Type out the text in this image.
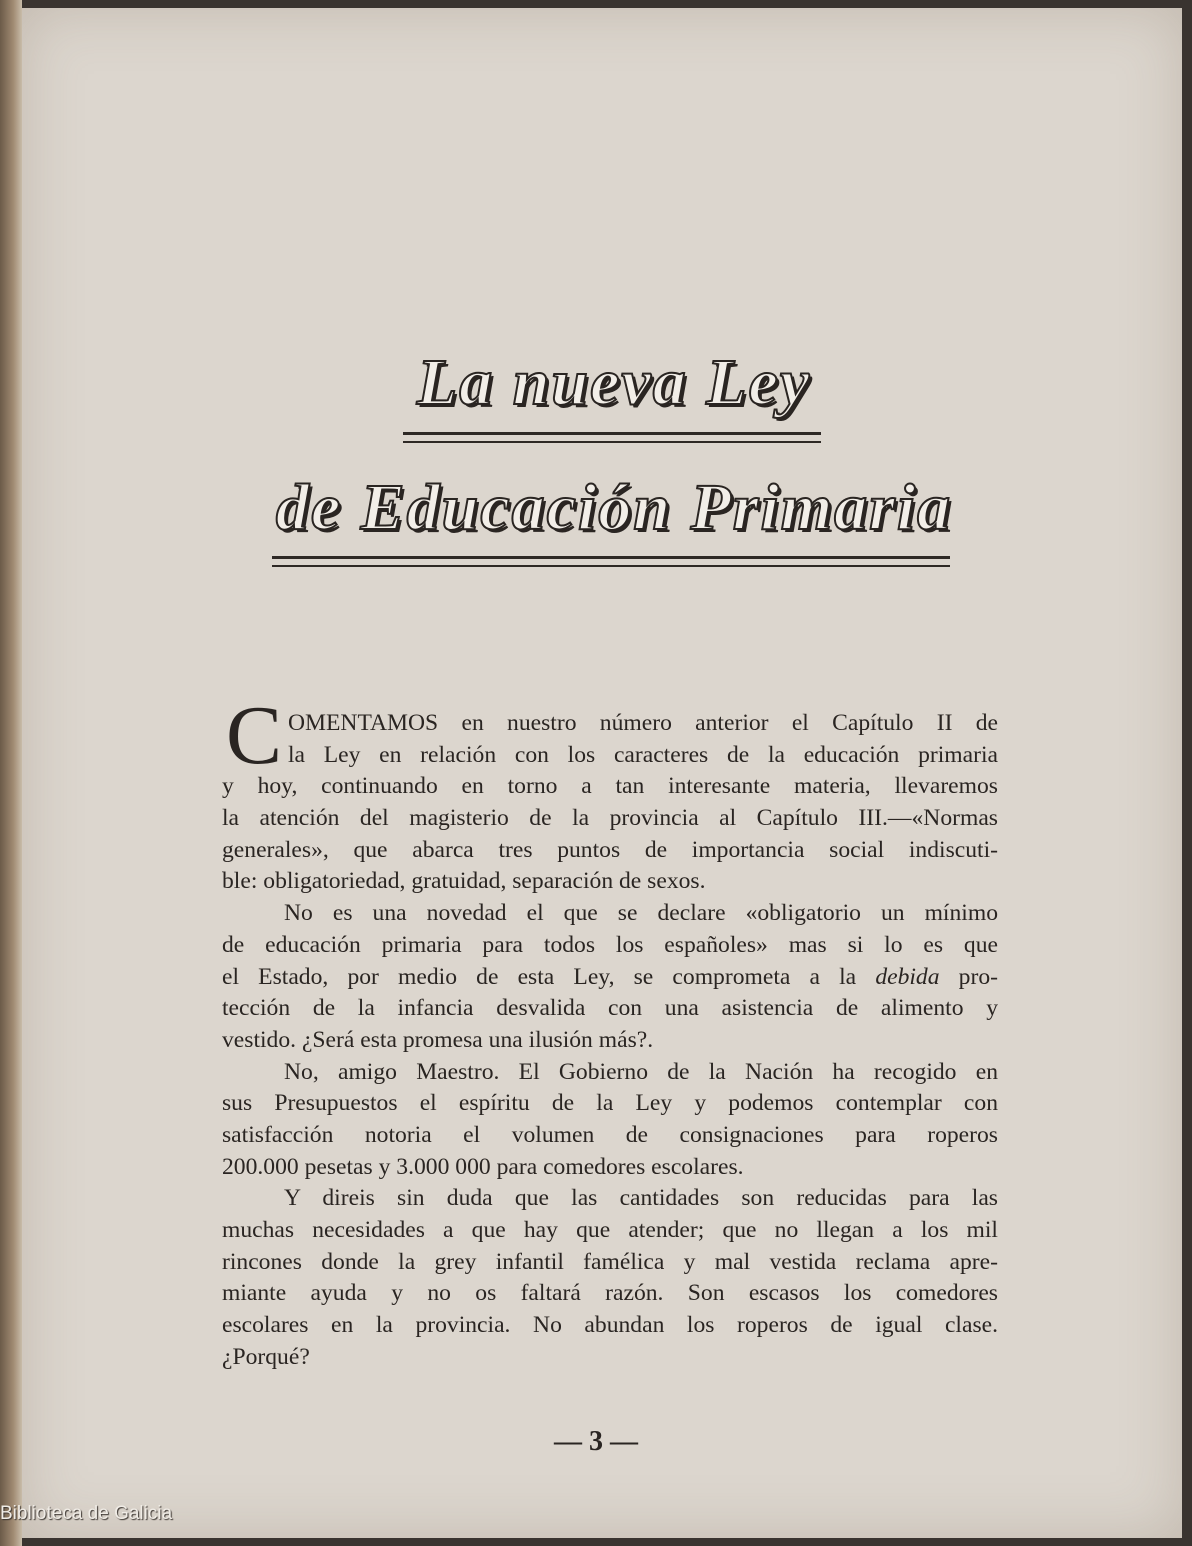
La nueva Ley
de Educación Primaria
C OMENTAMOS en nuestro número anterior el Capítulo II de
la Ley en relación con los caracteres de la educación primaria
y hoy, continuando en torno a tan interesante materia, llevaremos
la atención del magisterio de la provincia al Capítulo III.—«Normas
generales», que abarca tres puntos de importancia social indiscuti-
ble: obligatoriedad, gratuidad, separación de sexos.
No es una novedad el que se declare «obligatorio un mínimo
de educación primaria para todos los españoles» mas si lo es que
el Estado, por medio de esta Ley, se comprometa a la debida pro-
tección de la infancia desvalida con una asistencia de alimento y
vestido. ¿Será esta promesa una ilusión más?.
No, amigo Maestro. El Gobierno de la Nación ha recogido en
sus Presupuestos el espíritu de la Ley y podemos contemplar con
satisfacción notoria el volumen de consignaciones para roperos
200.000 pesetas y 3.000 000 para comedores escolares.
Y direis sin duda que las cantidades son reducidas para las
muchas necesidades a que hay que atender; que no llegan a los mil
rincones donde la grey infantil famélica y mal vestida reclama apre-
miante ayuda y no os faltará razón. Son escasos los comedores
escolares en la provincia. No abundan los roperos de igual clase.
¿Porqué?
— 3 —
Biblioteca de Galicia
